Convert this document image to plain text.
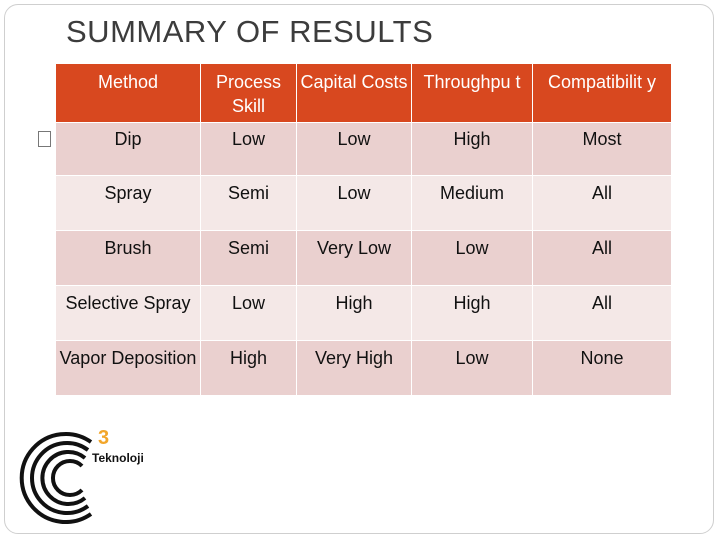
SUMMARY OF RESULTS
Method	Process Skill	Capital Costs	Throughpu t	Compatibilit y
Dip	Low	Low	High	Most
Spray	Semi	Low	Medium	All
Brush	Semi	Very Low	Low	All
Selective Spray	Low	High	High	All
Vapor Deposition	High	Very High	Low	None
3
Teknoloji
